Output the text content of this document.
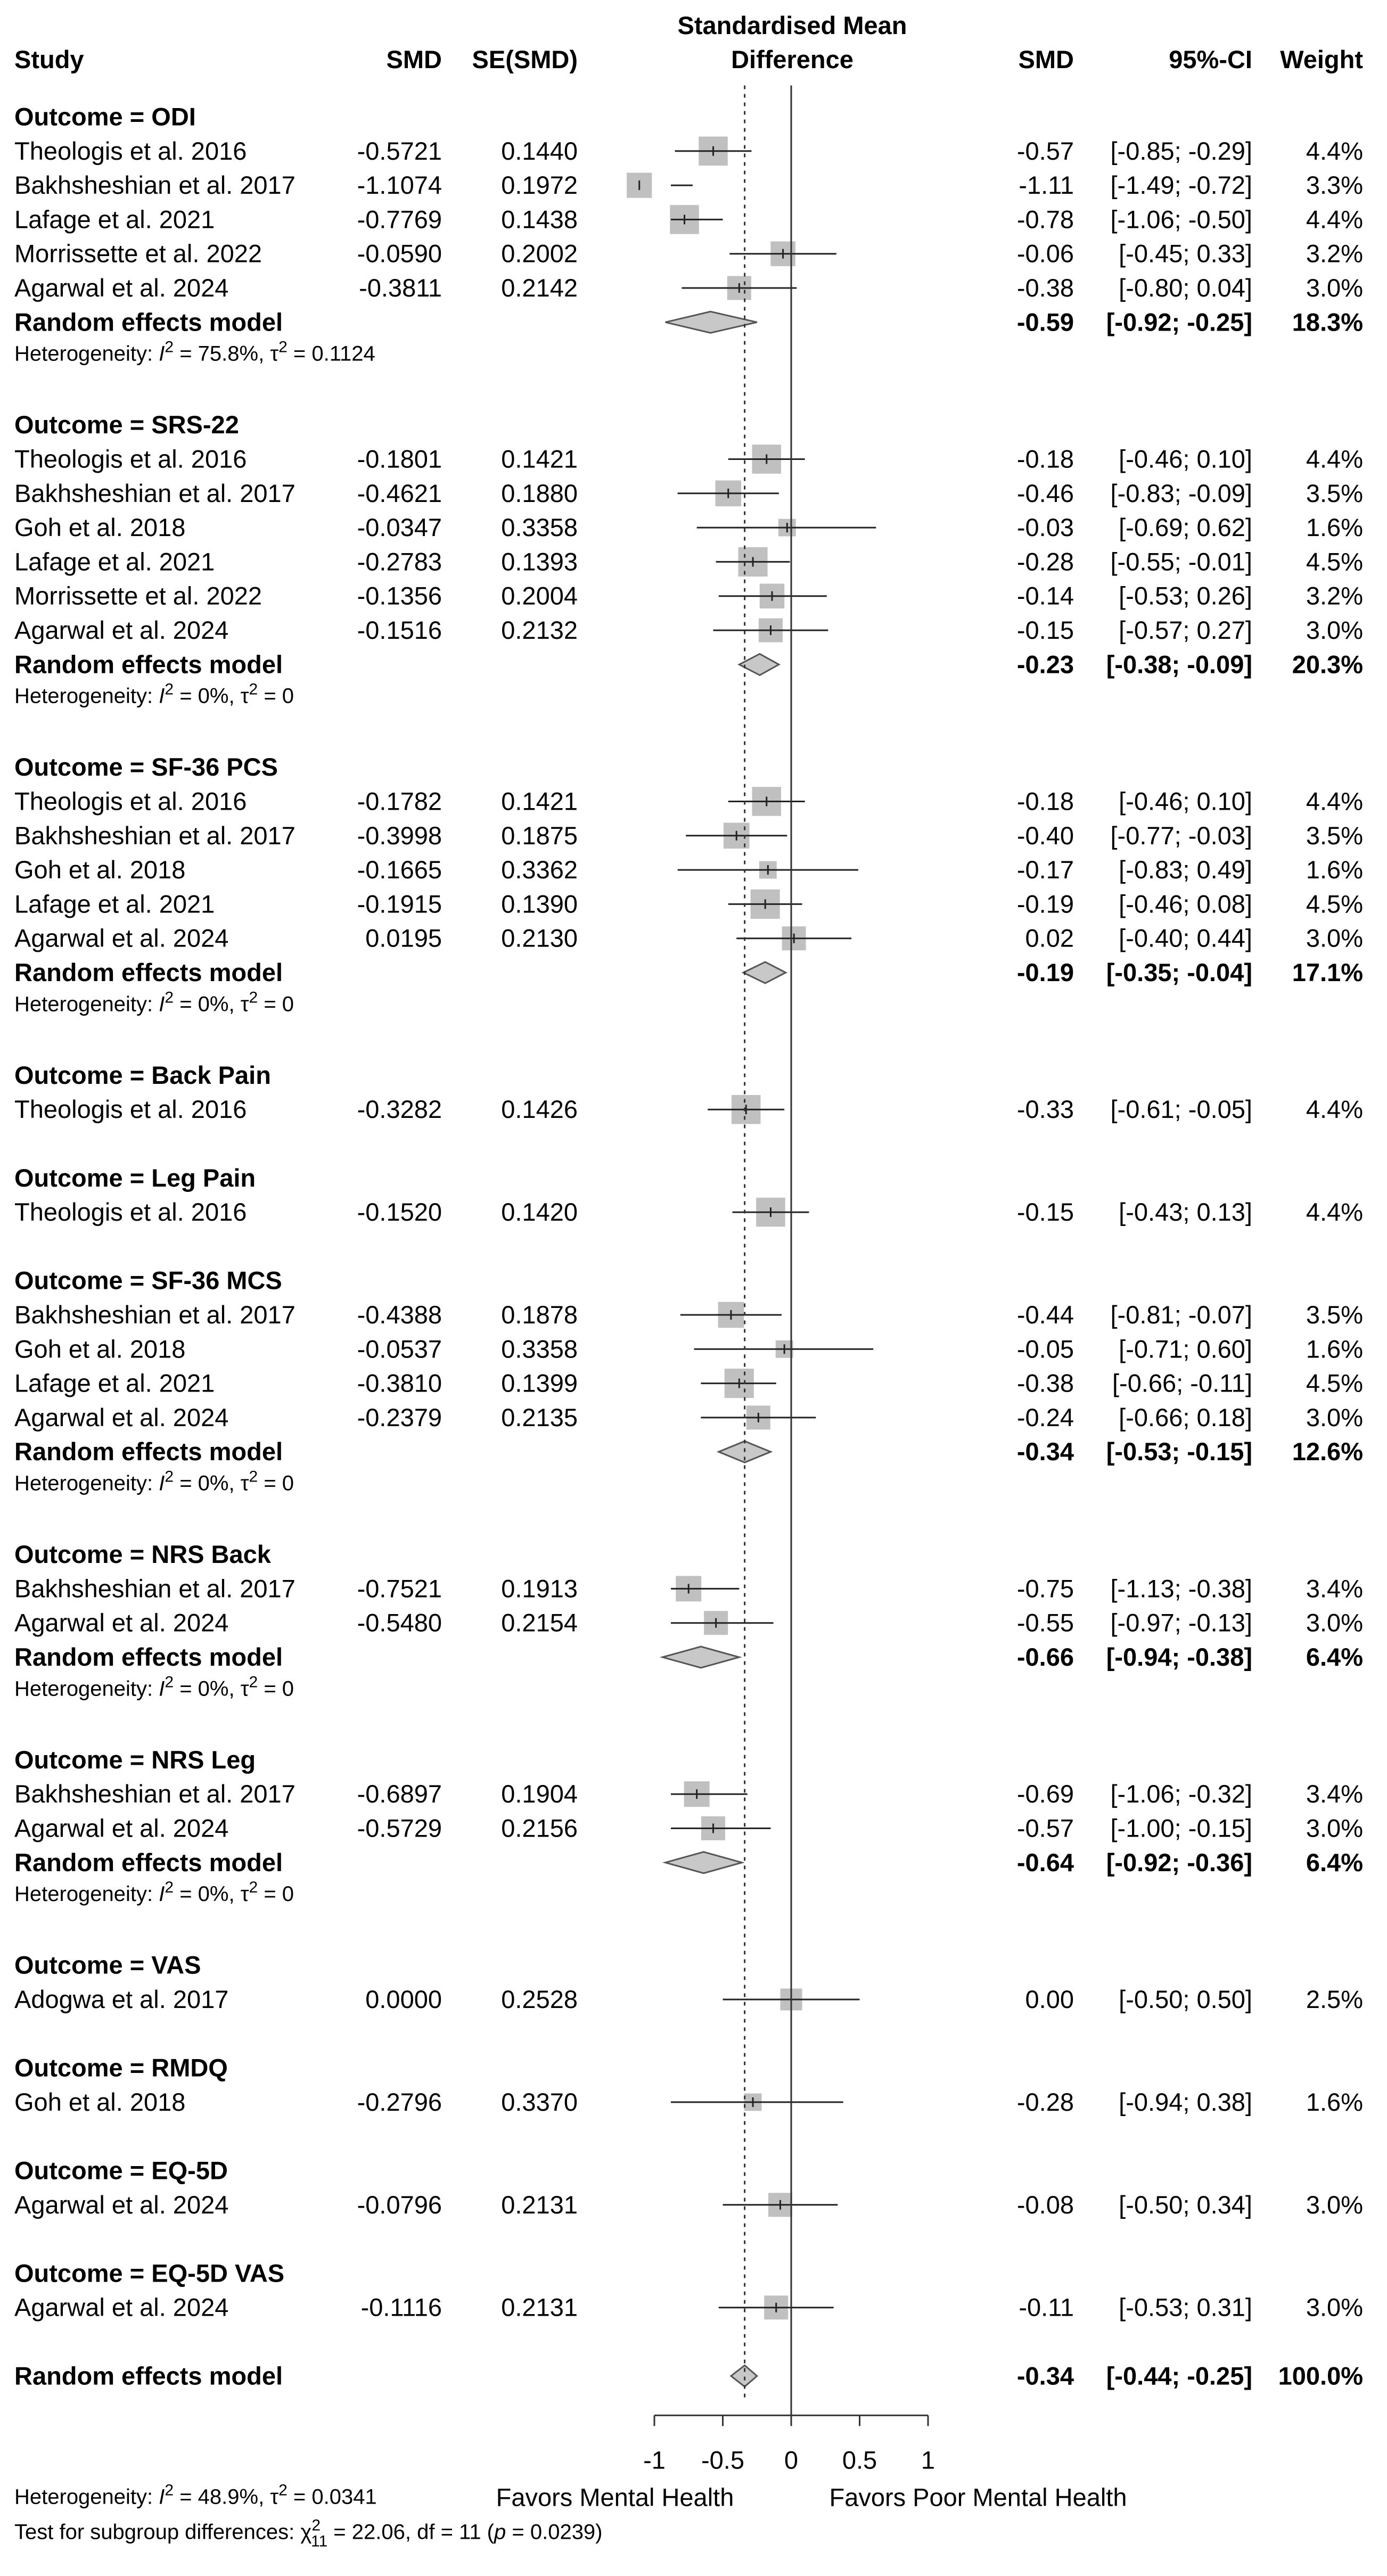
Study	SMD SE(SMD)
Standardised Mean
Difference	SMD	95%-CI Weight
Outcome = ODI
Theologis et al. 2016	-0.5721 0.1440	-0.57 [-0.85; -0.29] 4.4%
Bakhsheshian et al. 2017 -1.1074 0.1972	-1.11 [-1.49; -0.72] 3.3%
Lafage et al. 2021	-0.7769 0.1438	-0.78 [-1.06; -0.50] 4.4%
Morrissette et al. 2022	-0.0590 0.2002	-0.06 [-0.45; 0.33] 3.2%
Agarwal et al. 2024	-0.3811 0.2142	-0.38 [-0.80; 0.04] 3.0%
Random effects model	-0.59 [-0.92; -0.25] 18.3%
Heterogeneity: $I^2 = 75.8\%$, $\tau^2 = 0.1124$
Outcome = SRS-22
Theologis et al. 2016	-0.1801 0.1421	-0.18 [-0.46; 0.10] 4.4%
Bakhsheshian et al. 2017 -0.4621 0.1880	-0.46 [-0.83; -0.09] 3.5%
Goh et al. 2018	-0.0347 0.3358	-0.03 [-0.69; 0.62] 1.6%
Lafage et al. 2021	-0.2783 0.1393	-0.28 [-0.55; -0.01] 4.5%
Morrissette et al. 2022	-0.1356 0.2004	-0.14 [-0.53; 0.26] 3.2%
Agarwal et al. 2024	-0.1516 0.2132	-0.15 [-0.57; 0.27] 3.0%
Random effects model	-0.23 [-0.38; -0.09] 20.3%
Heterogeneity: $I^2 = 0\%$, $\tau^2 = 0$
Outcome = SF-36 PCS
Theologis et al. 2016	-0.1782 0.1421	-0.18 [-0.46; 0.10] 4.4%
Bakhsheshian et al. 2017 -0.3998 0.1875	-0.40 [-0.77; -0.03] 3.5%
Goh et al. 2018	-0.1665 0.3362	-0.17 [-0.83; 0.49] 1.6%
Lafage et al. 2021	-0.1915 0.1390	-0.19 [-0.46; 0.08] 4.5%
Agarwal et al. 2024	0.0195 0.2130	0.02 [-0.40; 0.44] 3.0%
Random effects model	-0.19 [-0.35; -0.04] 17.1%
Heterogeneity: $I^2 = 0\%$, $\tau^2 = 0$
Outcome = Back Pain
Theologis et al. 2016	-0.3282 0.1426	-0.33 [-0.61; -0.05] 4.4%
Outcome = Leg Pain
Theologis et al. 2016	-0.1520 0.1420	-0.15 [-0.43; 0.13] 4.4%
Outcome = SF-36 MCS
Bakhsheshian et al. 2017 -0.4388 0.1878	-0.44 [-0.81; -0.07] 3.5%
Goh et al. 2018	-0.0537 0.3358	-0.05 [-0.71; 0.60] 1.6%
Lafage et al. 2021	-0.3810 0.1399	-0.38 [-0.66; -0.11] 4.5%
Agarwal et al. 2024	-0.2379 0.2135	-0.24 [-0.66; 0.18] 3.0%
Random effects model	-0.34 [-0.53; -0.15] 12.6%
Heterogeneity: $I^2 = 0\%$, $\tau^2 = 0$
Outcome = NRS Back
Bakhsheshian et al. 2017 -0.7521 0.1913	-0.75 [-1.13; -0.38] 3.4%
Agarwal et al. 2024	-0.5480 0.2154	-0.55 [-0.97; -0.13] 3.0%
Random effects model	-0.66 [-0.94; -0.38] 6.4%
Heterogeneity: $I^2 = 0\%$, $\tau^2 = 0$
Outcome = NRS Leg
Bakhsheshian et al. 2017 -0.6897 0.1904	-0.69 [-1.06; -0.32] 3.4%
Agarwal et al. 2024	-0.5729 0.2156	-0.57 [-1.00; -0.15] 3.0%
Random effects model	-0.64 [-0.92; -0.36] 6.4%
Heterogeneity: $I^2 = 0\%$, $\tau^2 = 0$
Outcome = VAS
Adogwa et al. 2017	0.0000 0.2528	0.00 [-0.50; 0.50] 2.5%
Outcome = RMDQ
Goh et al. 2018	-0.2796 0.3370	-0.28 [-0.94; 0.38] 1.6%
Outcome = EQ-5D
Agarwal et al. 2024	-0.0796 0.2131	-0.08 [-0.50; 0.34] 3.0%
Outcome = EQ-5D VAS
Agarwal et al. 2024	-0.1116 0.2131	-0.11 [-0.53; 0.31] 3.0%
Random effects model	-0.34 [-0.44; -0.25] 100.0%
-1 -0.5 0 0.5 1
Favors Mental Health	Favors Poor Mental Health
Heterogeneity: $I^2 = 48.9\%$, $\tau^2 = 0.0341$
Test for subgroup differences: $\chi^2$ 11 = 22.06, df = 11 (p = 0.0239)
